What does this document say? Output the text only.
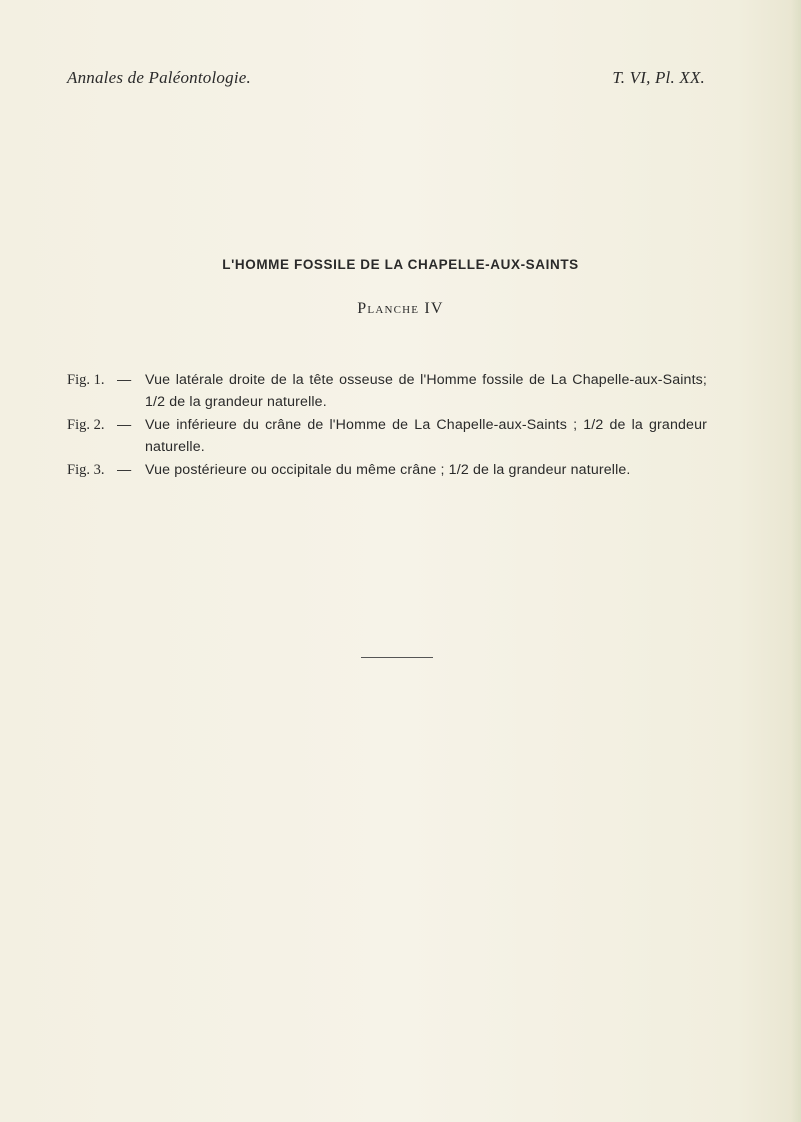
Annales de Paléontologie.	T. VI, Pl. XX.
L'HOMME FOSSILE DE LA CHAPELLE-AUX-SAINTS
Planche IV
Fig. 1. — Vue latérale droite de la tête osseuse de l'Homme fossile de La Chapelle-aux-Saints; 1/2 de la grandeur naturelle.
Fig. 2. — Vue inférieure du crâne de l'Homme de La Chapelle-aux-Saints ; 1/2 de la grandeur naturelle.
Fig. 3. — Vue postérieure ou occipitale du même crâne ; 1/2 de la grandeur naturelle.
